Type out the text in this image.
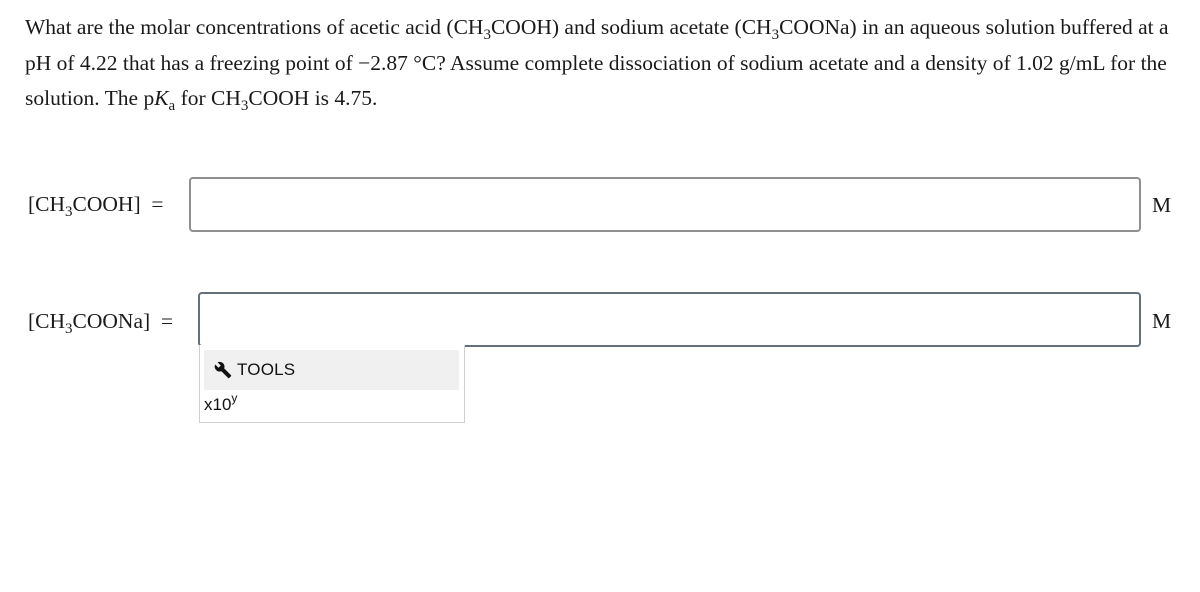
What are the molar concentrations of acetic acid $(CH_3COOH)$ and sodium acetate $(CH_3COONa)$ in an aqueous solution buffered at a pH of 4.22 that has a freezing point of −2.87 °C? Assume complete dissociation of sodium acetate and a density of 1.02 g/mL for the solution. The $pK_a$ for $CH_3COOH$ is 4.75.
$[CH_3COOH]$ =	M
$[CH_3COONa]$ =	M
TOOLS
x10$^y$
